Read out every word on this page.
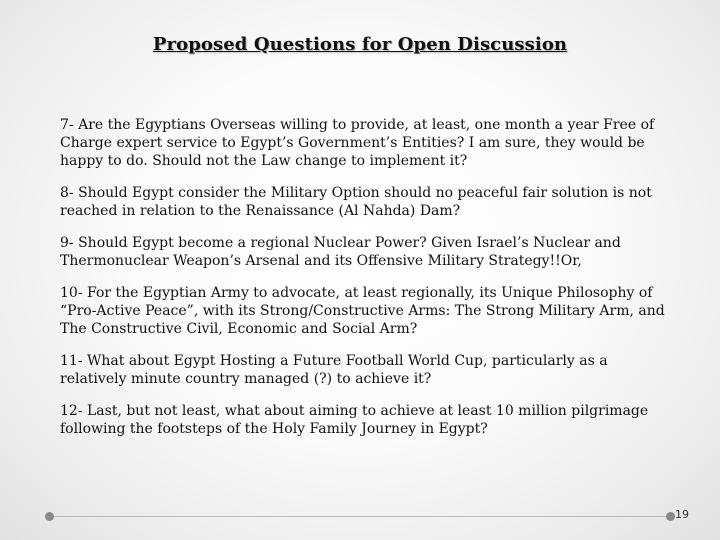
Proposed Questions for Open Discussion

7- Are the Egyptians Overseas willing to provide, at least, one month a year Free of Charge expert service to Egypt’s Government’s Entities? I am sure, they would be happy to do. Should not the Law change to implement it?

8- Should Egypt consider the Military Option should no peaceful fair solution is not reached in relation to the Renaissance (Al Nahda) Dam?

9- Should Egypt become a regional Nuclear Power? Given Israel’s Nuclear and Thermonuclear Weapon’s Arsenal and its Offensive Military Strategy!!Or,

10- For the Egyptian Army to advocate, at least regionally, its Unique Philosophy of “Pro-Active Peace”, with its Strong/Constructive Arms: The Strong Military Arm, and The Constructive Civil, Economic and Social Arm?

11- What about Egypt Hosting a Future Football World Cup, particularly as a relatively minute country managed (?) to achieve it?

12- Last, but not least, what about aiming to achieve at least 10 million pilgrimage following the footsteps of the Holy Family Journey in Egypt?

19
